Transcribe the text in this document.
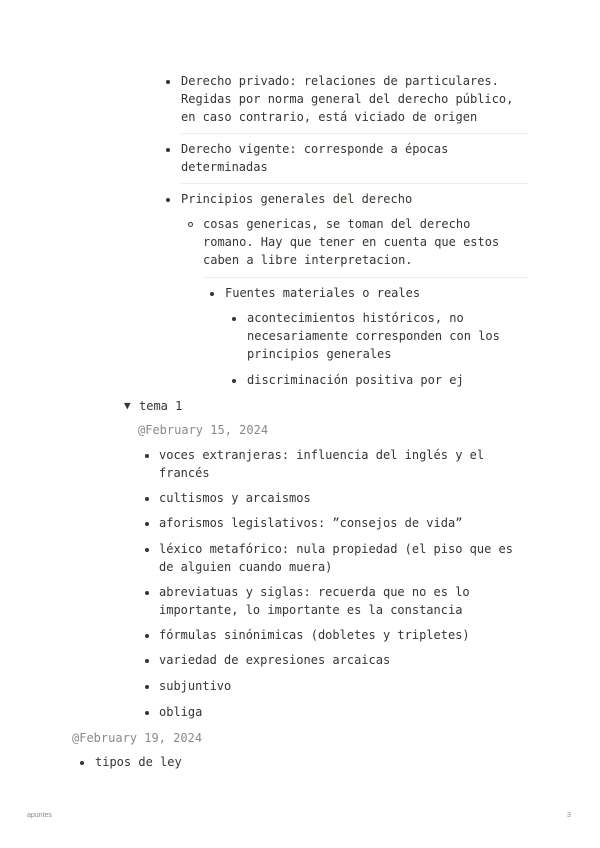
Derecho privado: relaciones de particulares.
Regidas por norma general del derecho público,
en caso contrario, está viciado de origen
Derecho vigente: corresponde a épocas
determinadas
Principios generales del derecho
cosas genericas, se toman del derecho
romano. Hay que tener en cuenta que estos
caben a libre interpretacion.
Fuentes materiales o reales
acontecimientos históricos, no
necesariamente corresponden con los
principios generales
discriminación positiva por ej
▼ tema 1
@February 15, 2024
voces extranjeras: influencia del inglés y el
francés
cultismos y arcaismos
aforismos legislativos: ”consejos de vida”
léxico metafórico: nula propiedad (el piso que es
de alguien cuando muera)
abreviatuas y siglas: recuerda que no es lo
importante, lo importante es la constancia
fórmulas sinónimicas (dobletes y tripletes)
variedad de expresiones arcaicas
subjuntivo
obliga
@February 19, 2024
tipos de ley
apuntes	3
